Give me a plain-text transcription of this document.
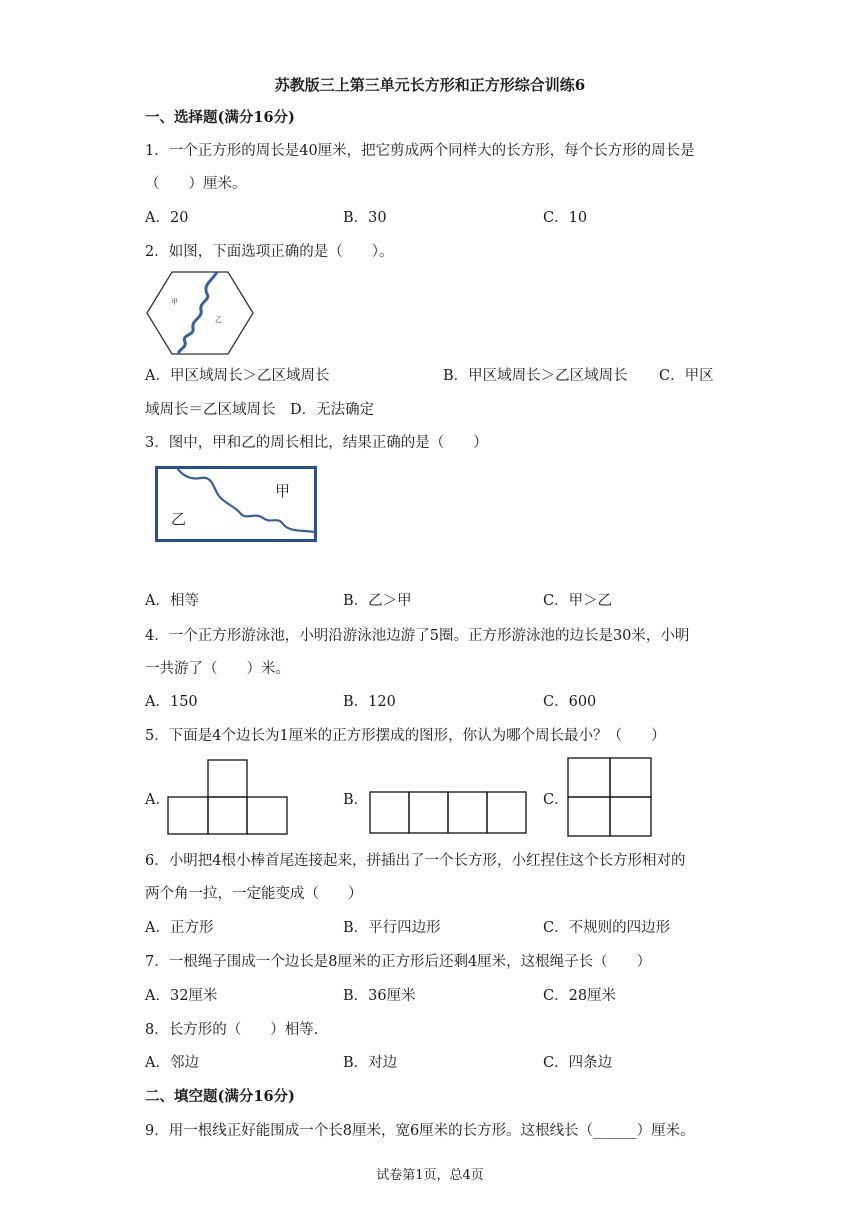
苏教版三上第三单元长方形和正方形综合训练6
一、选择题(满分16分)
1．一个正方形的周长是40厘米，把它剪成两个同样大的长方形，每个长方形的周长是
（　　）厘米。
A．20	B．30	C．10
2．如图，下面选项正确的是（　　）。
甲
乙
A．甲区域周长＞乙区域周长	B．甲区域周长＞乙区域周长 C．甲区
域周长＝乙区域周长　D．无法确定
3．图中，甲和乙的周长相比，结果正确的是（　　）
甲
乙
A．相等	B．乙＞甲	C．甲＞乙
4．一个正方形游泳池，小明沿游泳池边游了5圈。正方形游泳池的边长是30米，小明
一共游了（　　）米。
A．150	B．120	C．600
5．下面是4个边长为1厘米的正方形摆成的图形，你认为哪个周长最小？（　　）
A．	B．	C．
6．小明把4根小棒首尾连接起来，拼插出了一个长方形，小红捏住这个长方形相对的
两个角一拉，一定能变成（　　）
A．正方形	B．平行四边形	C．不规则的四边形
7．一根绳子围成一个边长是8厘米的正方形后还剩4厘米，这根绳子长（　　）
A．32厘米	B．36厘米	C．28厘米
8．长方形的（　　）相等.
A．邻边	B．对边	C．四条边
二、填空题(满分16分)
9．用一根线正好能围成一个长8厘米，宽6厘米的长方形。这根线长（______）厘米。
试卷第1页，总4页
